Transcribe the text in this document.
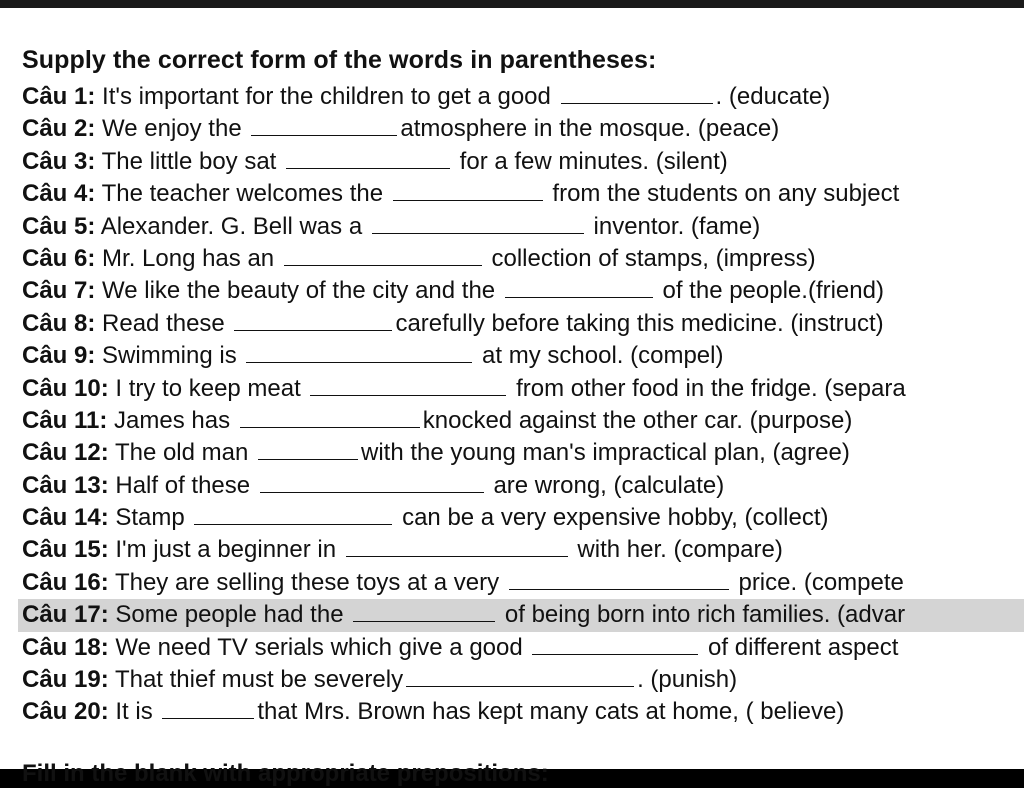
Supply the correct form of the words in parentheses:
Câu 1: It's important for the children to get a good	. (educate)
Câu 2: We enjoy the	atmosphere in the mosque. (peace)
Câu 3: The little boy sat	for a few minutes. (silent)
Câu 4: The teacher welcomes the	from the students on any subject
Câu 5: Alexander. G. Bell was a	inventor. (fame)
Câu 6: Mr. Long has an	collection of stamps, (impress)
Câu 7: We like the beauty of the city and the	of the people.(friend)
Câu 8: Read these	carefully before taking this medicine. (instruct)
Câu 9: Swimming is	at my school. (compel)
Câu 10: I try to keep meat	from other food in the fridge. (separa
Câu 11: James has	knocked against the other car. (purpose)
Câu 12: The old man	with the young man's impractical plan, (agree)
Câu 13: Half of these	are wrong, (calculate)
Câu 14: Stamp	can be a very expensive hobby, (collect)
Câu 15: I'm just a beginner in	with her. (compare)
Câu 16: They are selling these toys at a very	price. (compete
Câu 17: Some people had the	of being born into rich families. (advar
Câu 18: We need TV serials which give a good	of different aspect
Câu 19: That thief must be severely	. (punish)
Câu 20: It is	that Mrs. Brown has kept many cats at home, ( believe)
Fill in the blank with appropriate prepositions:
